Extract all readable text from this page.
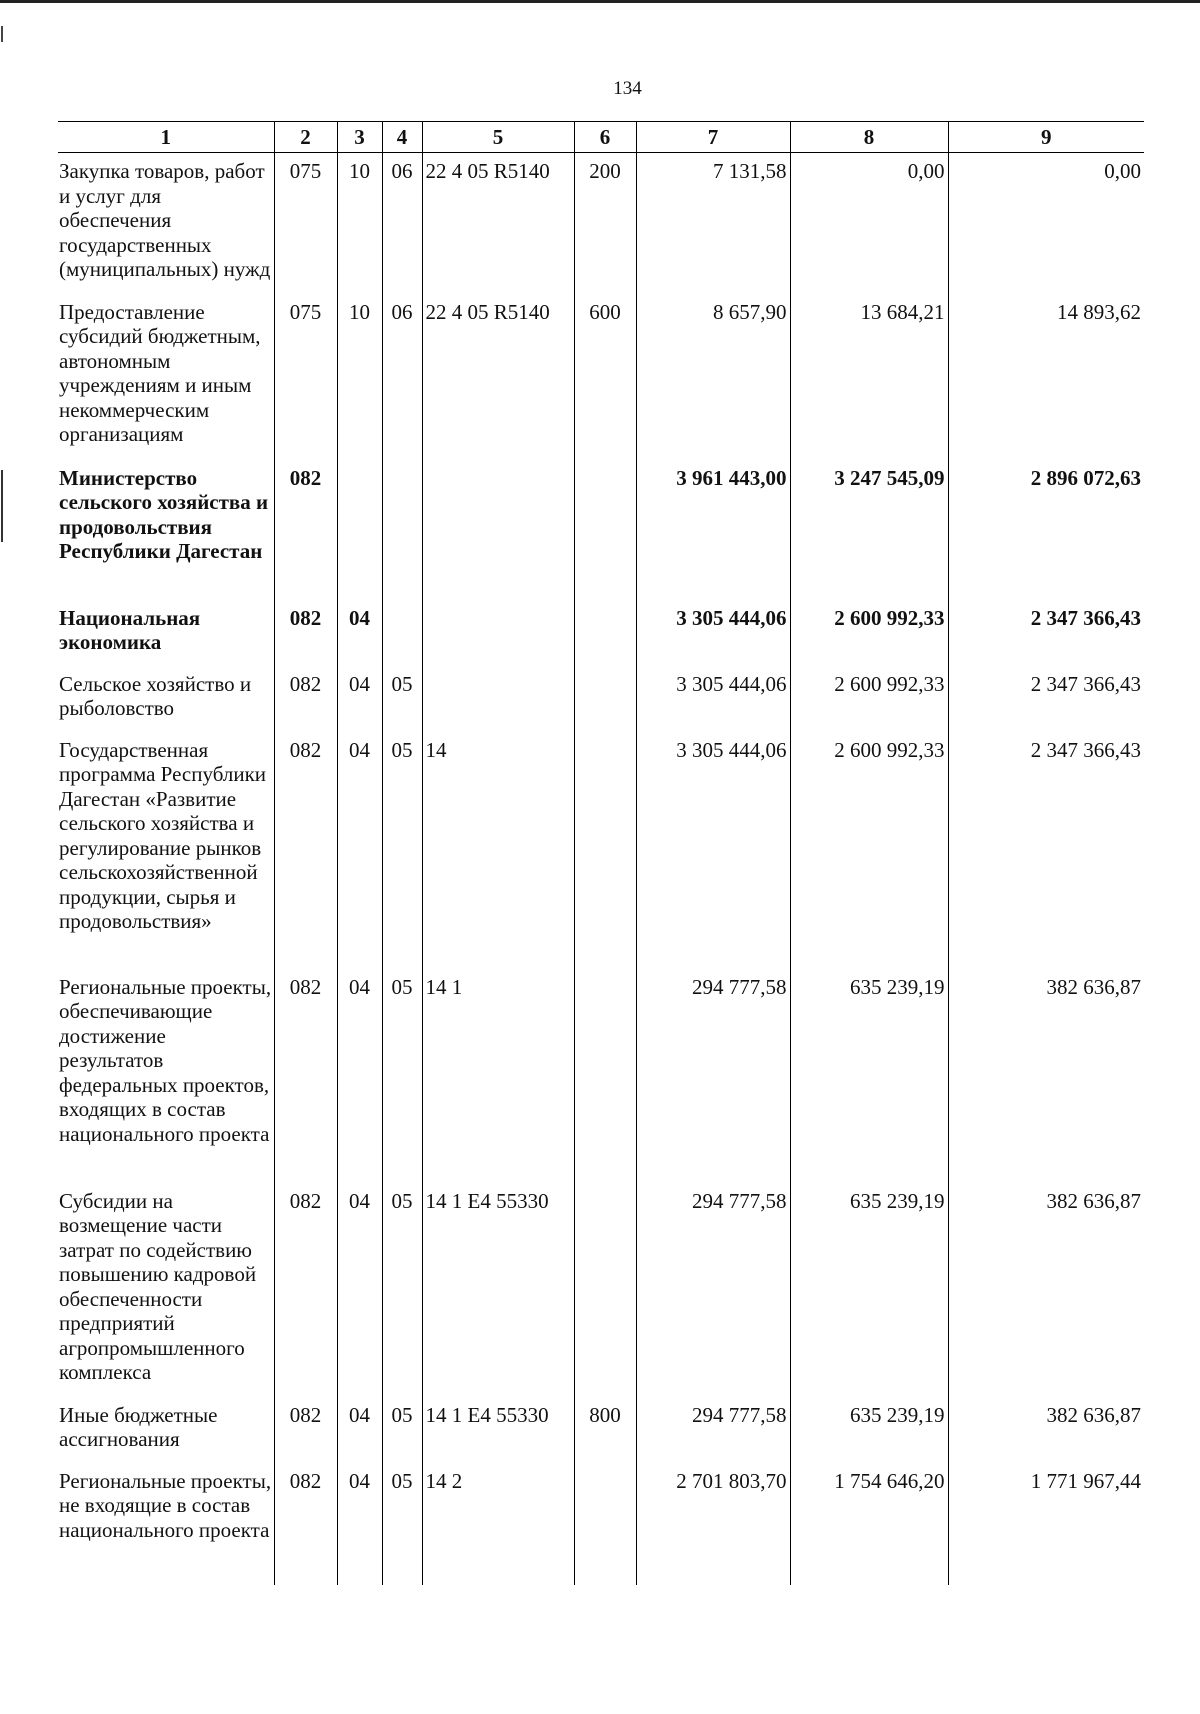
134
1	2	3	4	5	6	7	8	9
Закупка товаров, работ и услуг для обеспечения государственных (муниципальных) нужд	075	10	06	22 4 05 R5140	200	7 131,58	0,00	0,00
Предоставление субсидий бюджетным, автономным учреждениям и иным некоммерческим организациям	075	10	06	22 4 05 R5140	600	8 657,90	13 684,21	14 893,62
Министерство сельского хозяйства и продовольствия Республики Дагестан	082					3 961 443,00	3 247 545,09	2 896 072,63
Национальная экономика	082	04				3 305 444,06	2 600 992,33	2 347 366,43
Сельское хозяйство и рыболовство	082	04	05			3 305 444,06	2 600 992,33	2 347 366,43
Государственная программа Республики Дагестан «Развитие сельского хозяйства и регулирование рынков сельскохозяйственной продукции, сырья и продовольствия»	082	04	05	14		3 305 444,06	2 600 992,33	2 347 366,43
Региональные проекты, обеспечивающие достижение результатов федеральных проектов, входящих в состав национального проекта	082	04	05	14 1		294 777,58	635 239,19	382 636,87
Субсидии на возмещение части затрат по содействию повышению кадровой обеспеченности предприятий агропромышленного комплекса	082	04	05	14 1 E4 55330		294 777,58	635 239,19	382 636,87
Иные бюджетные ассигнования	082	04	05	14 1 E4 55330	800	294 777,58	635 239,19	382 636,87
Региональные проекты, не входящие в состав национального проекта	082	04	05	14 2		2 701 803,70	1 754 646,20	1 771 967,44
